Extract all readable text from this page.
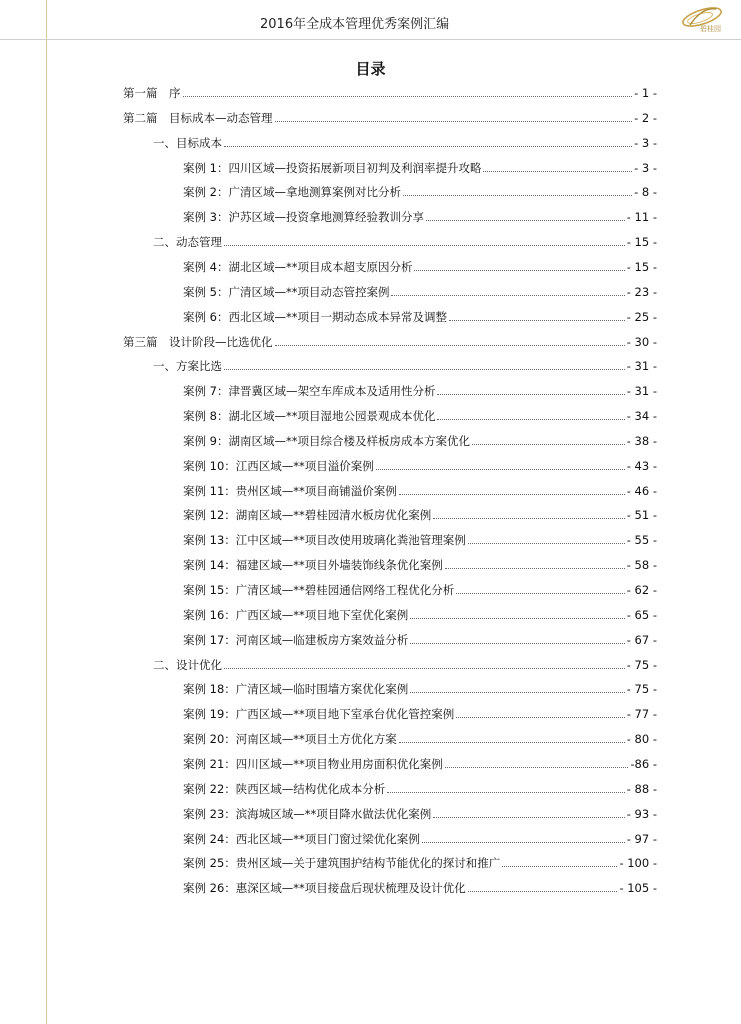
2016年全成本管理优秀案例汇编	碧桂园
目录
第一篇　序	- 1 -
第二篇　目标成本—动态管理	- 2 -
一、目标成本	- 3 -
案例 1：四川区域—投资拓展新项目初判及利润率提升攻略	- 3 -
案例 2：广清区域—拿地测算案例对比分析	- 8 -
案例 3：沪苏区域—投资拿地测算经验教训分享	- 11 -
二、动态管理	- 15 -
案例 4：湖北区域—**项目成本超支原因分析	- 15 -
案例 5：广清区域—**项目动态管控案例	- 23 -
案例 6：西北区域—**项目一期动态成本异常及调整	- 25 -
第三篇　设计阶段—比选优化	- 30 -
一、方案比选	- 31 -
案例 7：津晋冀区域—架空车库成本及适用性分析	- 31 -
案例 8：湖北区域—**项目湿地公园景观成本优化	- 34 -
案例 9：湖南区域—**项目综合楼及样板房成本方案优化	- 38 -
案例 10：江西区域—**项目溢价案例	- 43 -
案例 11：贵州区域—**项目商铺溢价案例	- 46 -
案例 12：湖南区域—**碧桂园清水板房优化案例	- 51 -
案例 13：江中区域—**项目改使用玻璃化粪池管理案例	- 55 -
案例 14：福建区域—**项目外墙装饰线条优化案例	- 58 -
案例 15：广清区域—**碧桂园通信网络工程优化分析	- 62 -
案例 16：广西区域—**项目地下室优化案例	- 65 -
案例 17：河南区域—临建板房方案效益分析	- 67 -
二、设计优化	- 75 -
案例 18：广清区域—临时围墙方案优化案例	- 75 -
案例 19：广西区域—**项目地下室承台优化管控案例	- 77 -
案例 20：河南区域—**项目土方优化方案	- 80 -
案例 21：四川区域—**项目物业用房面积优化案例	-86 -
案例 22：陕西区域—结构优化成本分析	- 88 -
案例 23：滨海城区域—**项目降水做法优化案例	- 93 -
案例 24：西北区域—**项目门窗过梁优化案例	- 97 -
案例 25：贵州区域—关于建筑围护结构节能优化的探讨和推广	- 100 -
案例 26：惠深区域—**项目接盘后现状梳理及设计优化	- 105 -
